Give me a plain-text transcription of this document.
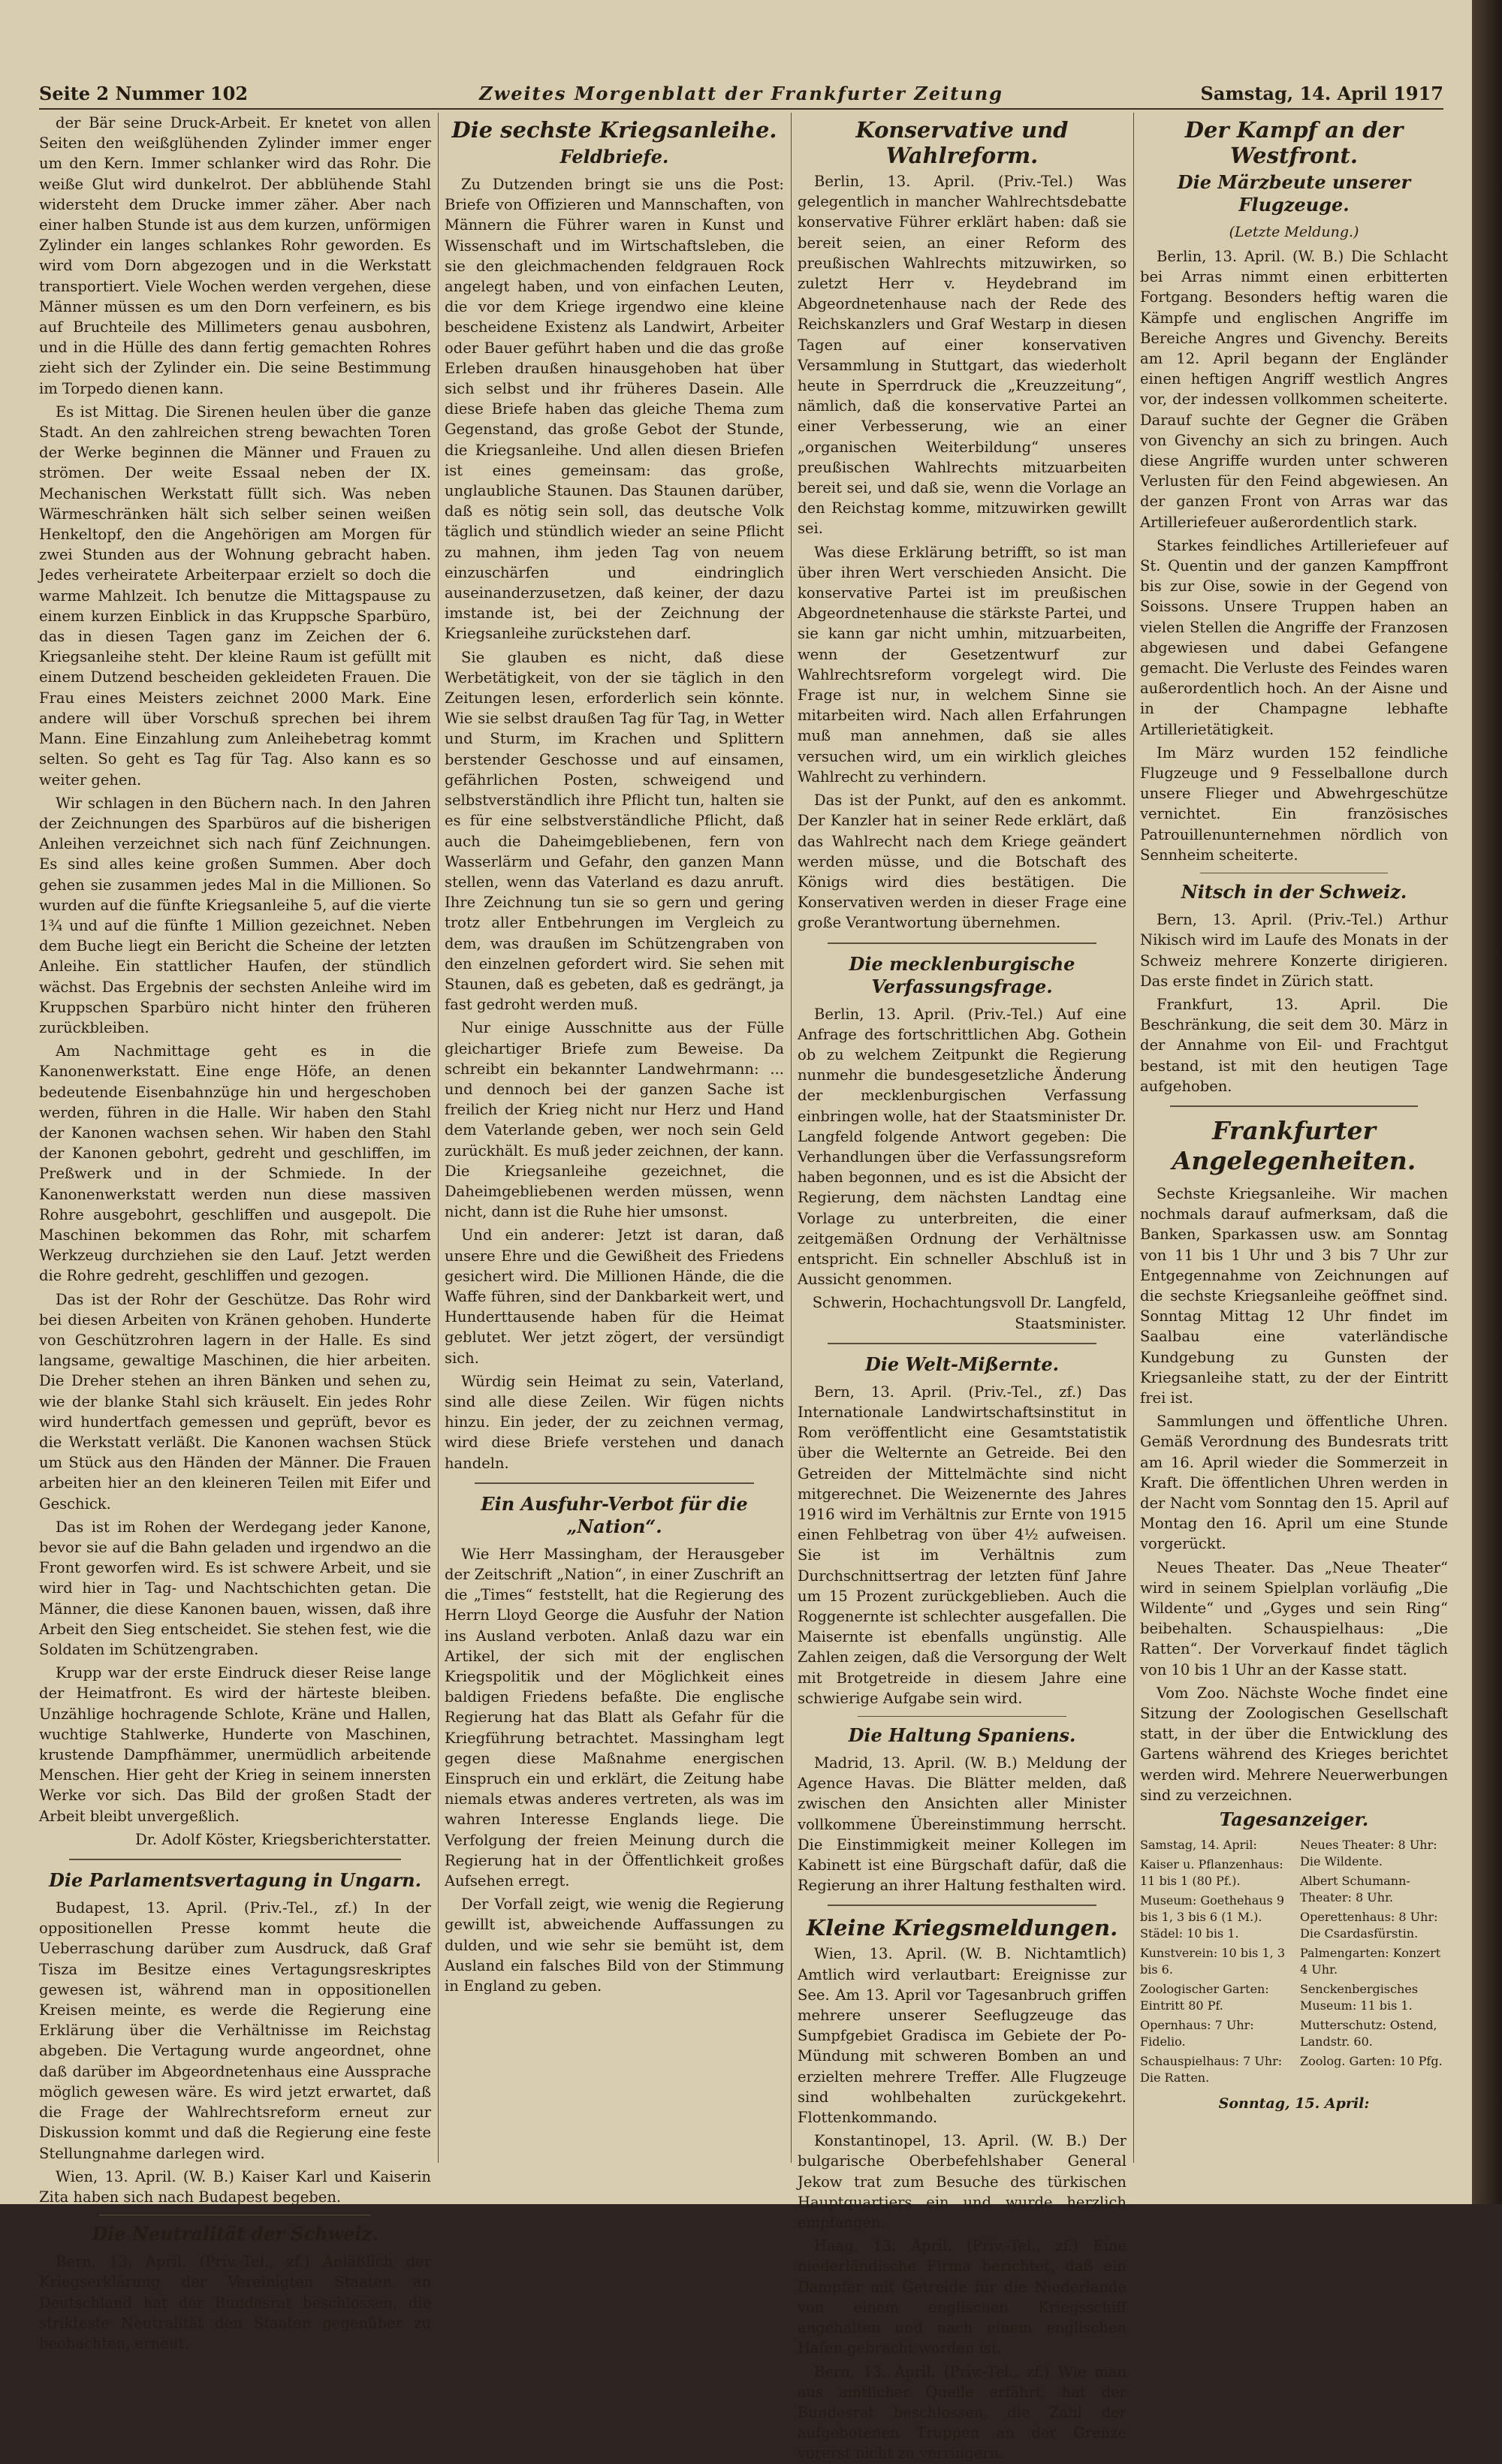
Seite 2 Nummer 102	Zweites Morgenblatt der Frankfurter Zeitung	Samstag, 14. April 1917

der Bär seine Druck-Arbeit. Er knetet von allen Seiten den weißglühenden Zylinder immer enger um den Kern. Immer schlanker wird das Rohr. Die weiße Glut wird dunkelrot. Der abblühende Stahl widersteht dem Drucke immer zäher. Aber nach einer halben Stunde ist aus dem kurzen, unförmigen Zylinder ein langes schlankes Rohr geworden. Es wird vom Dorn abgezogen und in die Werkstatt transportiert. Viele Wochen werden vergehen, diese Männer müssen es um den Dorn verfeinern, es bis auf Bruchteile des Millimeters genau ausbohren, und in die Hülle des dann fertig gemachten Rohres zieht sich der Zylinder ein. Die seine Bestimmung im Torpedo dienen kann.

Es ist Mittag. Die Sirenen heulen über die ganze Stadt. An den zahlreichen streng bewachten Toren der Werke beginnen die Männer und Frauen zu strömen. Der weite Essaal neben der IX. Mechanischen Werkstatt füllt sich. Was neben Wärmeschränken hält sich selber seinen weißen Henkeltopf, den die Angehörigen am Morgen für zwei Stunden aus der Wohnung gebracht haben. Jedes verheiratete Arbeiterpaar erzielt so doch die warme Mahlzeit. Ich benutze die Mittagspause zu einem kurzen Einblick in das Kruppsche Sparbüro, das in diesen Tagen ganz im Zeichen der 6. Kriegsanleihe steht. Der kleine Raum ist gefüllt mit einem Dutzend bescheiden gekleideten Frauen. Die Frau eines Meisters zeichnet 2000 Mark. Eine andere will über Vorschuß sprechen bei ihrem Mann. Eine Einzahlung zum Anleihebetrag kommt selten. So geht es Tag für Tag. Also kann es so weiter gehen.

Wir schlagen in den Büchern nach. In den Jahren der Zeichnungen des Sparbüros auf die bisherigen Anleihen verzeichnet sich nach fünf Zeichnungen. Es sind alles keine großen Summen. Aber doch gehen sie zusammen jedes Mal in die Millionen. So wurden auf die fünfte Kriegsanleihe 5, auf die vierte 1¾ und auf die fünfte 1 Million gezeichnet. Neben dem Buche liegt ein Bericht die Scheine der letzten Anleihe. Ein stattlicher Haufen, der stündlich wächst. Das Ergebnis der sechsten Anleihe wird im Kruppschen Sparbüro nicht hinter den früheren zurückbleiben.

Am Nachmittage geht es in die Kanonenwerkstatt. Eine enge Höfe, an denen bedeutende Eisenbahnzüge hin und hergeschoben werden, führen in die Halle. Wir haben den Stahl der Kanonen wachsen sehen. Wir haben den Stahl der Kanonen gebohrt, gedreht und geschliffen, im Preßwerk und in der Schmiede. In der Kanonenwerkstatt werden nun diese massiven Rohre ausgebohrt, geschliffen und ausgepolt. Die Maschinen bekommen das Rohr, mit scharfem Werkzeug durchziehen sie den Lauf. Jetzt werden die Rohre gedreht, geschliffen und gezogen.

Das ist der Rohr der Geschütze. Das Rohr wird bei diesen Arbeiten von Kränen gehoben. Hunderte von Geschützrohren lagern in der Halle. Es sind langsame, gewaltige Maschinen, die hier arbeiten. Die Dreher stehen an ihren Bänken und sehen zu, wie der blanke Stahl sich kräuselt. Ein jedes Rohr wird hundertfach gemessen und geprüft, bevor es die Werkstatt verläßt. Die Kanonen wachsen Stück um Stück aus den Händen der Männer. Die Frauen arbeiten hier an den kleineren Teilen mit Eifer und Geschick.

Das ist im Rohen der Werdegang jeder Kanone, bevor sie auf die Bahn geladen und irgendwo an die Front geworfen wird. Es ist schwere Arbeit, und sie wird hier in Tag- und Nachtschichten getan. Die Männer, die diese Kanonen bauen, wissen, daß ihre Arbeit den Sieg entscheidet. Sie stehen fest, wie die Soldaten im Schützengraben.

Krupp war der erste Eindruck dieser Reise lange der Heimatfront. Es wird der härteste bleiben. Unzählige hochragende Schlote, Kräne und Hallen, wuchtige Stahlwerke, Hunderte von Maschinen, krustende Dampfhämmer, unermüdlich arbeitende Menschen. Hier geht der Krieg in seinem innersten Werke vor sich. Das Bild der großen Stadt der Arbeit bleibt unvergeßlich.

Dr. Adolf Köster, Kriegsberichterstatter.

Die Parlamentsvertagung in Ungarn.

Budapest, 13. April. (Priv.-Tel., zf.) In der oppositionellen Presse kommt heute die Ueberraschung darüber zum Ausdruck, daß Graf Tisza im Besitze eines Vertagungsreskriptes gewesen ist, während man in oppositionellen Kreisen meinte, es werde die Regierung eine Erklärung über die Verhältnisse im Reichstag abgeben. Die Vertagung wurde angeordnet, ohne daß darüber im Abgeordnetenhaus eine Aussprache möglich gewesen wäre. Es wird jetzt erwartet, daß die Frage der Wahlrechtsreform erneut zur Diskussion kommt und daß die Regierung eine feste Stellungnahme darlegen wird.

Wien, 13. April. (W. B.) Kaiser Karl und Kaiserin Zita haben sich nach Budapest begeben.

Die Neutralität der Schweiz.

Bern, 13. April. (Priv.-Tel., zf.) Anläßlich der Kriegserklärung der Vereinigten Staaten an Deutschland hat der Bundesrat beschlossen, die strikteste Neutralität den Staaten gegenüber zu beobachten, erneut.

Die sechste Kriegsanleihe.
Feldbriefe.

Zu Dutzenden bringt sie uns die Post: Briefe von Offizieren und Mannschaften, von Männern die Führer waren in Kunst und Wissenschaft und im Wirtschaftsleben, die sie den gleichmachenden feldgrauen Rock angelegt haben, und von einfachen Leuten, die vor dem Kriege irgendwo eine kleine bescheidene Existenz als Landwirt, Arbeiter oder Bauer geführt haben und die das große Erleben draußen hinausgehoben hat über sich selbst und ihr früheres Dasein. Alle diese Briefe haben das gleiche Thema zum Gegenstand, das große Gebot der Stunde, die Kriegsanleihe. Und allen diesen Briefen ist eines gemeinsam: das große, unglaubliche Staunen. Das Staunen darüber, daß es nötig sein soll, das deutsche Volk täglich und stündlich wieder an seine Pflicht zu mahnen, ihm jeden Tag von neuem einzuschärfen und eindringlich auseinanderzusetzen, daß keiner, der dazu imstande ist, bei der Zeichnung der Kriegsanleihe zurückstehen darf.

Sie glauben es nicht, daß diese Werbetätigkeit, von der sie täglich in den Zeitungen lesen, erforderlich sein könnte. Wie sie selbst draußen Tag für Tag, in Wetter und Sturm, im Krachen und Splittern berstender Geschosse und auf einsamen, gefährlichen Posten, schweigend und selbstverständlich ihre Pflicht tun, halten sie es für eine selbstverständliche Pflicht, daß auch die Daheimgebliebenen, fern von Wasserlärm und Gefahr, den ganzen Mann stellen, wenn das Vaterland es dazu anruft. Ihre Zeichnung tun sie so gern und gering trotz aller Entbehrungen im Vergleich zu dem, was draußen im Schützengraben von den einzelnen gefordert wird. Sie sehen mit Staunen, daß es gebeten, daß es gedrängt, ja fast gedroht werden muß.

Nur einige Ausschnitte aus der Fülle gleichartiger Briefe zum Beweise. Da schreibt ein bekannter Landwehrmann: ... und dennoch bei der ganzen Sache ist freilich der Krieg nicht nur Herz und Hand dem Vaterlande geben, wer noch sein Geld zurückhält. Es muß jeder zeichnen, der kann. Die Kriegsanleihe gezeichnet, die Daheimgebliebenen werden müssen, wenn nicht, dann ist die Ruhe hier umsonst.

Und ein anderer: Jetzt ist daran, daß unsere Ehre und die Gewißheit des Friedens gesichert wird. Die Millionen Hände, die die Waffe führen, sind der Dankbarkeit wert, und Hunderttausende haben für die Heimat geblutet. Wer jetzt zögert, der versündigt sich.

Würdig sein Heimat zu sein, Vaterland, sind alle diese Zeilen. Wir fügen nichts hinzu. Ein jeder, der zu zeichnen vermag, wird diese Briefe verstehen und danach handeln.

Ein Ausfuhr-Verbot für die „Nation“.

Wie Herr Massingham, der Herausgeber der Zeitschrift „Nation“, in einer Zuschrift an die „Times“ feststellt, hat die Regierung des Herrn Lloyd George die Ausfuhr der Nation ins Ausland verboten. Anlaß dazu war ein Artikel, der sich mit der englischen Kriegspolitik und der Möglichkeit eines baldigen Friedens befaßte. Die englische Regierung hat das Blatt als Gefahr für die Kriegführung betrachtet. Massingham legt gegen diese Maßnahme energischen Einspruch ein und erklärt, die Zeitung habe niemals etwas anderes vertreten, als was im wahren Interesse Englands liege. Die Verfolgung der freien Meinung durch die Regierung hat in der Öffentlichkeit großes Aufsehen erregt.

Der Vorfall zeigt, wie wenig die Regierung gewillt ist, abweichende Auffassungen zu dulden, und wie sehr sie bemüht ist, dem Ausland ein falsches Bild von der Stimmung in England zu geben.

Konservative und Wahlreform.

Berlin, 13. April. (Priv.-Tel.) Was gelegentlich in mancher Wahlrechtsdebatte konservative Führer erklärt haben: daß sie bereit seien, an einer Reform des preußischen Wahlrechts mitzuwirken, so zuletzt Herr v. Heydebrand im Abgeordnetenhause nach der Rede des Reichskanzlers und Graf Westarp in diesen Tagen auf einer konservativen Versammlung in Stuttgart, das wiederholt heute in Sperrdruck die „Kreuzzeitung“, nämlich, daß die konservative Partei an einer Verbesserung, wie an einer „organischen Weiterbildung“ unseres preußischen Wahlrechts mitzuarbeiten bereit sei, und daß sie, wenn die Vorlage an den Reichstag komme, mitzuwirken gewillt sei.

Was diese Erklärung betrifft, so ist man über ihren Wert verschieden Ansicht. Die konservative Partei ist im preußischen Abgeordnetenhause die stärkste Partei, und sie kann gar nicht umhin, mitzuarbeiten, wenn der Gesetzentwurf zur Wahlrechtsreform vorgelegt wird. Die Frage ist nur, in welchem Sinne sie mitarbeiten wird. Nach allen Erfahrungen muß man annehmen, daß sie alles versuchen wird, um ein wirklich gleiches Wahlrecht zu verhindern.

Das ist der Punkt, auf den es ankommt. Der Kanzler hat in seiner Rede erklärt, daß das Wahlrecht nach dem Kriege geändert werden müsse, und die Botschaft des Königs wird dies bestätigen. Die Konservativen werden in dieser Frage eine große Verantwortung übernehmen.

Die mecklenburgische Verfassungsfrage.

Berlin, 13. April. (Priv.-Tel.) Auf eine Anfrage des fortschrittlichen Abg. Gothein ob zu welchem Zeitpunkt die Regierung nunmehr die bundesgesetzliche Änderung der mecklenburgischen Verfassung einbringen wolle, hat der Staatsminister Dr. Langfeld folgende Antwort gegeben: Die Verhandlungen über die Verfassungsreform haben begonnen, und es ist die Absicht der Regierung, dem nächsten Landtag eine Vorlage zu unterbreiten, die einer zeitgemäßen Ordnung der Verhältnisse entspricht. Ein schneller Abschluß ist in Aussicht genommen.

Schwerin, Hochachtungsvoll Dr. Langfeld, Staatsminister.

Die Welt-Mißernte.

Bern, 13. April. (Priv.-Tel., zf.) Das Internationale Landwirtschaftsinstitut in Rom veröffentlicht eine Gesamtstatistik über die Welternte an Getreide. Bei den Getreiden der Mittelmächte sind nicht mitgerechnet. Die Weizenernte des Jahres 1916 wird im Verhältnis zur Ernte von 1915 einen Fehlbetrag von über 4½ aufweisen. Sie ist im Verhältnis zum Durchschnittsertrag der letzten fünf Jahre um 15 Prozent zurückgeblieben. Auch die Roggenernte ist schlechter ausgefallen. Die Maisernte ist ebenfalls ungünstig. Alle Zahlen zeigen, daß die Versorgung der Welt mit Brotgetreide in diesem Jahre eine schwierige Aufgabe sein wird.

Die Haltung Spaniens.

Madrid, 13. April. (W. B.) Meldung der Agence Havas. Die Blätter melden, daß zwischen den Ansichten aller Minister vollkommene Übereinstimmung herrscht. Die Einstimmigkeit meiner Kollegen im Kabinett ist eine Bürgschaft dafür, daß die Regierung an ihrer Haltung festhalten wird.

Kleine Kriegsmeldungen.

Wien, 13. April. (W. B. Nichtamtlich) Amtlich wird verlautbart: Ereignisse zur See. Am 13. April vor Tagesanbruch griffen mehrere unserer Seeflugzeuge das Sumpfgebiet Gradisca im Gebiete der Po-Mündung mit schweren Bomben an und erzielten mehrere Treffer. Alle Flugzeuge sind wohlbehalten zurückgekehrt. Flottenkommando.

Konstantinopel, 13. April. (W. B.) Der bulgarische Oberbefehlshaber General Jekow trat zum Besuche des türkischen Hauptquartiers ein und wurde herzlich empfangen.

Haag, 13. April. (Priv.-Tel., zf.) Eine niederländische Firma berichtet, daß ein Dampfer mit Getreide für die Niederlande von einem englischen Kriegsschiff angehalten und nach einem englischen Hafen gebracht worden ist.

Bern, 13. April. (Priv.-Tel., zf.) Wie man aus amtlicher Quelle erfährt, hat der Bundesrat beschlossen, die Zahl der aufgebotenen Truppen an der Grenze vorerst nicht zu verringern.

Der Kampf an der Westfront.
Die Märzbeute unserer Flugzeuge.
(Letzte Meldung.)

Berlin, 13. April. (W. B.) Die Schlacht bei Arras nimmt einen erbitterten Fortgang. Besonders heftig waren die Kämpfe und englischen Angriffe im Bereiche Angres und Givenchy. Bereits am 12. April begann der Engländer einen heftigen Angriff westlich Angres vor, der indessen vollkommen scheiterte. Darauf suchte der Gegner die Gräben von Givenchy an sich zu bringen. Auch diese Angriffe wurden unter schweren Verlusten für den Feind abgewiesen. An der ganzen Front von Arras war das Artilleriefeuer außerordentlich stark.

Starkes feindliches Artilleriefeuer auf St. Quentin und der ganzen Kampffront bis zur Oise, sowie in der Gegend von Soissons. Unsere Truppen haben an vielen Stellen die Angriffe der Franzosen abgewiesen und dabei Gefangene gemacht. Die Verluste des Feindes waren außerordentlich hoch. An der Aisne und in der Champagne lebhafte Artillerietätigkeit.

Im März wurden 152 feindliche Flugzeuge und 9 Fesselballone durch unsere Flieger und Abwehrgeschütze vernichtet. Ein französisches Patrouillenunternehmen nördlich von Sennheim scheiterte.

Nitsch in der Schweiz.

Bern, 13. April. (Priv.-Tel.) Arthur Nikisch wird im Laufe des Monats in der Schweiz mehrere Konzerte dirigieren. Das erste findet in Zürich statt.

Frankfurt, 13. April. Die Beschränkung, die seit dem 30. März in der Annahme von Eil- und Frachtgut bestand, ist mit den heutigen Tage aufgehoben.

Frankfurter Angelegenheiten.

Sechste Kriegsanleihe. Wir machen nochmals darauf aufmerksam, daß die Banken, Sparkassen usw. am Sonntag von 11 bis 1 Uhr und 3 bis 7 Uhr zur Entgegennahme von Zeichnungen auf die sechste Kriegsanleihe geöffnet sind. Sonntag Mittag 12 Uhr findet im Saalbau eine vaterländische Kundgebung zu Gunsten der Kriegsanleihe statt, zu der der Eintritt frei ist.

Sammlungen und öffentliche Uhren. Gemäß Verordnung des Bundesrats tritt am 16. April wieder die Sommerzeit in Kraft. Die öffentlichen Uhren werden in der Nacht vom Sonntag den 15. April auf Montag den 16. April um eine Stunde vorgerückt.

Neues Theater. Das „Neue Theater“ wird in seinem Spielplan vorläufig „Die Wildente“ und „Gyges und sein Ring“ beibehalten. Schauspielhaus: „Die Ratten“. Der Vorverkauf findet täglich von 10 bis 1 Uhr an der Kasse statt.

Vom Zoo. Nächste Woche findet eine Sitzung der Zoologischen Gesellschaft statt, in der über die Entwicklung des Gartens während des Krieges berichtet werden wird. Mehrere Neuerwerbungen sind zu verzeichnen.

Tagesanzeiger.
Samstag, 14. April:
Kaiser u. Pflanzenhaus: 11 bis 1 (80 Pf.).
Museum: Goethehaus 9 bis 1, 3 bis 6 (1 M.). Städel: 10 bis 1.
Kunstverein: 10 bis 1, 3 bis 6.
Zoologischer Garten: Eintritt 80 Pf.
Opernhaus: 7 Uhr: Fidelio.
Schauspielhaus: 7 Uhr: Die Ratten.
Neues Theater: 8 Uhr: Die Wildente.
Albert Schumann-Theater: 8 Uhr.
Operettenhaus: 8 Uhr: Die Csardasfürstin.
Palmengarten: Konzert 4 Uhr.
Senckenbergisches Museum: 11 bis 1.
Mutterschutz: Ostend, Landstr. 60.
Zoolog. Garten: 10 Pfg.
Sonntag, 15. April:
